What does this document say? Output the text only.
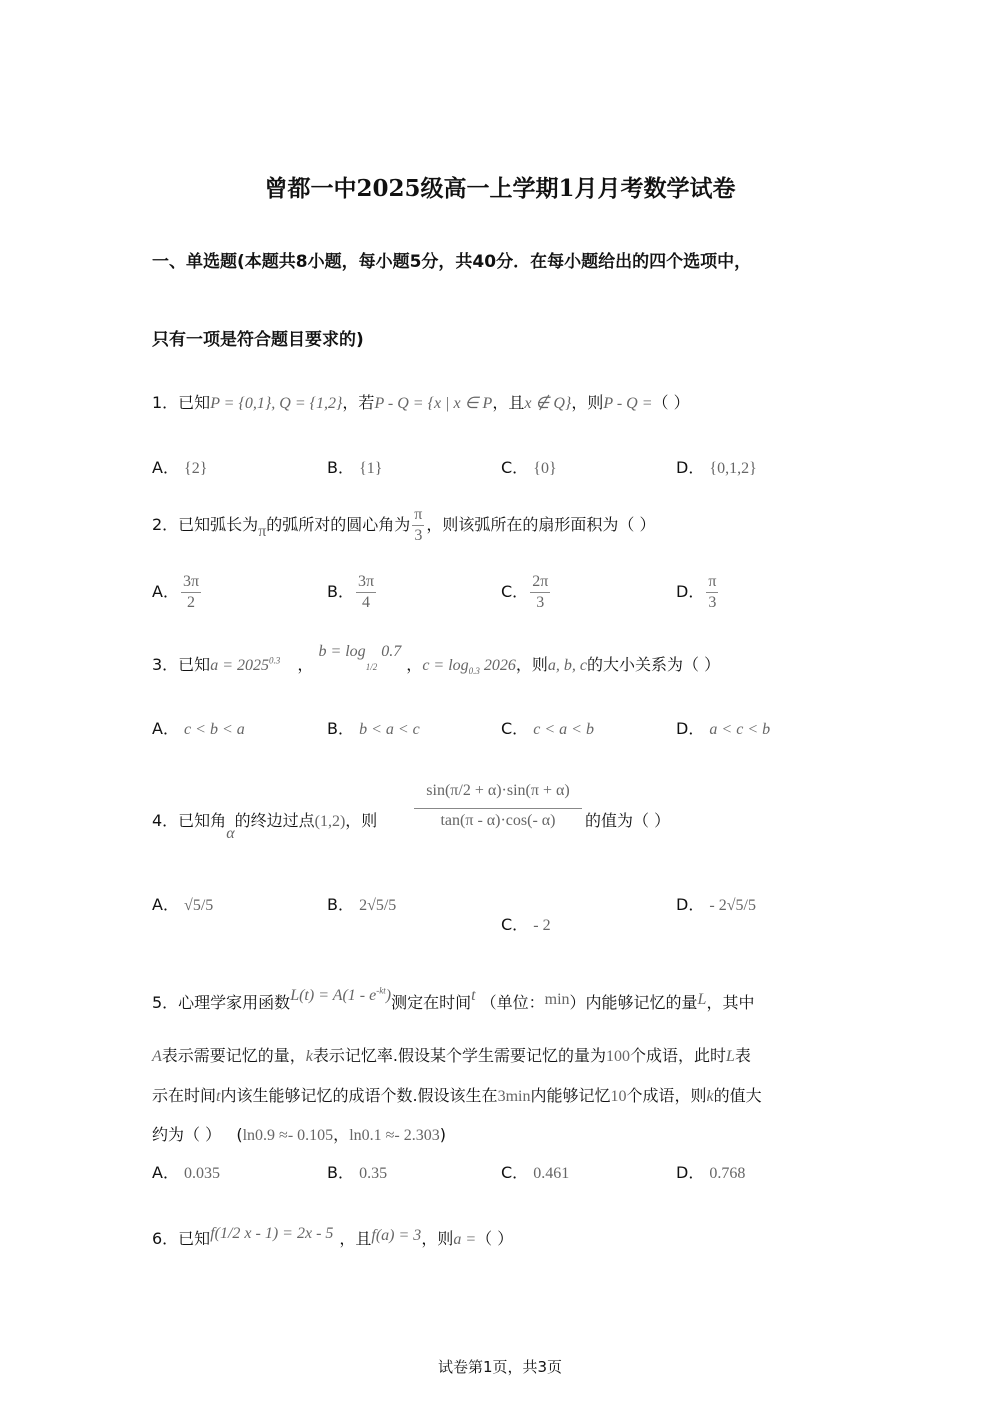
曾都一中2025级高一上学期1月月考数学试卷
一、单选题(本题共8小题，每小题5分，共40分．在每小题给出的四个选项中，
只有一项是符合题目要求的)
1．已知P = {0,1}, Q = {1,2}，若P - Q = {x | x ∈ P，且x ∉ Q}，则P - Q =（ ）
A． {2}	B． {1}	C． {0}	D． {0,1,2}
2．已知弧长为π的弧所对的圆心角为 $\frac{\pi}{3}$ ，则该弧所在的扇形面积为（ ）
A． $\frac{3\pi}{2}$	B． $\frac{3\pi}{4}$	C． $\frac{2\pi}{3}$	D． $\frac{\pi}{3}$
3．已知$a = 2025^{0.3}$ ， $b = \log_{1/2} 0.7$ ，$c = \log_{0.3} 2026$，则a, b, c的大小关系为（ ）
A． c < b < a	B． b < a < c	C． c < a < b	D． a < c < b
4．已知角α的终边过点(1,2)，则 $\frac{\sin(\pi/2 + \alpha)\cdot\sin(\pi + \alpha)}{\tan(\pi - \alpha)\cdot\cos(- \alpha)}$ 的值为（ ）
A． √5/5	B． 2√5/5
C． - 2
D． - 2√5/5
5．心理学家用函数$L(t) = A(1 - e^{-kt})$测定在时间t （单位：min）内能够记忆的量L，其中
A表示需要记忆的量，k表示记忆率.假设某个学生需要记忆的量为100个成语，此时L表
示在时间t内该生能够记忆的成语个数.假设该生在3min内能够记忆10个成语，则k的值大
约为（ ） (ln0.9 ≈- 0.105，ln0.1 ≈- 2.303)
A． 0.035	B． 0.35	C． 0.461	D． 0.768
6．已知f(1/2 x - 1) = 2x - 5 ，且f(a) = 3，则a =（ ）
试卷第1页，共3页
